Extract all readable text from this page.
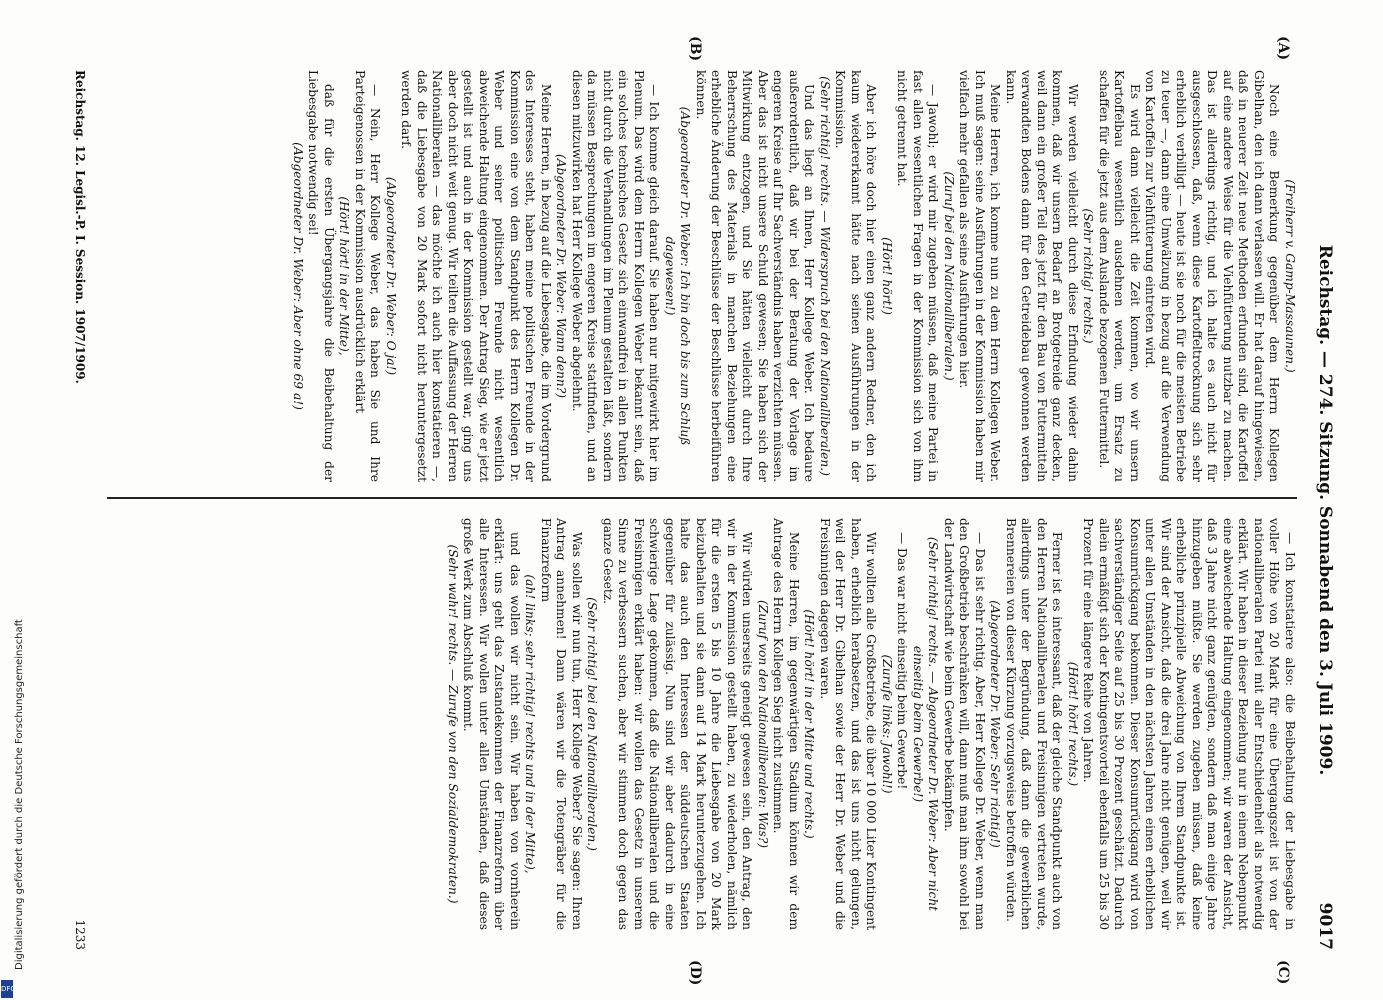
Reichstag. — 274. Sitzung. Sonnabend den 3. Juli 1909.
9017
(A)
(B)
(C)
(D)

(Freiherr v. Gamp-Massaunen.)

Noch eine Bemerkung gegenüber dem Herrn Kollegen Gibelhan, den ich dann verlassen will. Er hat darauf hingewiesen, daß in neuerer Zeit neue Methoden erfunden sind, die Kartoffel auf eine andere Weise für die Viehfütterung nutzbar zu machen. Das ist allerdings richtig, und ich halte es auch nicht für ausgeschlossen, daß, wenn diese Kartoffeltrocknung sich sehr erheblich verbilligt — heute ist sie noch für die meisten Betriebe zu teuer —, dann eine Umwälzung in bezug auf die Verwendung von Kartoffeln zur Viehfütterung eintreten wird.

Es wird dann vielleicht die Zeit kommen, wo wir unsern Kartoffelbau wesentlich ausdehnen werden, um Ersatz zu schaffen für die jetzt aus dem Auslande bezogenen Futtermittel.

(Sehr richtig! rechts.)

Wir werden vielleicht durch diese Erfindung wieder dahin kommen, daß wir unsern Bedarf an Brotgetreide ganz decken, weil dann ein großer Teil des jetzt für den Bau von Futtermitteln verwandten Bodens dann für den Getreidebau gewonnen werden kann.

Meine Herren, ich komme nun zu dem Herrn Kollegen Weber. Ich muß sagen: seine Ausführungen in der Kommission haben mir vielfach mehr gefallen als seine Ausführungen hier.

(Zuruf bei den Nationalliberalen.)

— Jawohl; er wird mir zugeben müssen, daß meine Partei in fast allen wesentlichen Fragen in der Kommission sich von ihm nicht getrennt hat.

(Hört! hört!)

Aber ich höre doch hier einen ganz andern Redner, den ich kaum wiedererkannt hätte nach seinen Ausführungen in der Kommission.

(Sehr richtig! rechts. — Widerspruch bei den Nationalliberalen.)

Und das liegt an Ihnen, Herr Kollege Weber. Ich bedaure außerordentlich, daß wir bei der Beratung der Vorlage im engeren Kreise auf Ihr Sachverständnis haben verzichten müssen. Aber das ist nicht unsere Schuld gewesen; Sie haben sich der Mitwirkung entzogen, und Sie hätten vielleicht durch Ihre Beherrschung des Materials in manchen Beziehungen eine erhebliche Änderung der Beschlüsse der Beschlüsse herbeiführen können.

(Abgeordneter Dr. Weber: Ich bin doch bis zum Schluß dagewesen!)

— Ich komme gleich darauf. Sie haben nur mitgewirkt hier im Plenum. Das wird dem Herrn Kollegen Weber bekannt sein, daß ein solches technisches Gesetz sich einwandfrei in allen Punkten nicht durch die Verhandlungen im Plenum gestalten läßt, sondern da müssen Besprechungen im engeren Kreise stattfinden, und an diesen mitzuwirken hat Herr Kollege Weber abgelehnt.

(Abgeordneter Dr. Weber: Wann denn?)

Meine Herren, in bezug auf die Liebesgabe, die im Vordergrund des Interesses steht, haben meine politischen Freunde in der Kommission eine von dem Standpunkt des Herrn Kollegen Dr. Weber und seiner politischen Freunde nicht wesentlich abweichende Haltung eingenommen. Der Antrag Sieg, wie er jetzt gestellt ist und auch in der Kommission gestellt war, ging uns aber doch nicht weit genug. Wir teilten die Auffassung der Herren Nationalliberalen — das möchte ich auch hier konstatieren —, daß die Liebesgabe von 20 Mark sofort nicht heruntergesetzt werden darf.

(Abgeordneter Dr. Weber: O ja!)

— Nein, Herr Kollege Weber, das haben Sie und Ihre Parteigenossen in der Kommission ausdrücklich erklärt

(Hört! hört! in der Mitte),

daß für die ersten Übergangsjahre die Beibehaltung der Liebesgabe notwendig sei!

(Abgeordneter Dr. Weber: Aber ohne 69 a!)

— Ich konstatiere also: die Beibehaltung der Liebesgabe in voller Höhe von 20 Mark für eine Übergangszeit ist von der nationalliberalen Partei mit aller Entschiedenheit als notwendig erklärt. Wir haben in dieser Beziehung nur in einem Nebenpunkt eine abweichende Haltung eingenommen; wir waren der Ansicht, daß 3 Jahre nicht ganz genügten, sondern daß man einige Jahre hinzugeben müßte. Sie werden zugeben müssen, daß keine erhebliche prinzipielle Abweichung von Ihrem Standpunkte ist. Wir sind der Ansicht, daß die drei Jahre nicht genügen, weil wir unter allen Umständen in den nächsten Jahren einen erheblichen Konsumrückgang bekommen. Dieser Konsumrückgang wird von sachverständiger Seite auf 25 bis 30 Prozent geschätzt. Dadurch allein ermäßigt sich der Kontingentsvorteil ebenfalls um 25 bis 30 Prozent für eine längere Reihe von Jahren.

(Hört! hört! rechts.)

Ferner ist es interessant, daß der gleiche Standpunkt auch von den Herren Nationalliberalen und Freisinnigen vertreten wurde, allerdings unter der Begründung, daß dann die gewerblichen Brennereien von dieser Kürzung vorzugsweise betroffen würden.

(Abgeordneter Dr. Weber: Sehr richtig!)

— Das ist sehr richtig. Aber, Herr Kollege Dr. Weber, wenn man den Großbetrieb beschränken will, dann muß man ihm sowohl bei der Landwirtschaft wie beim Gewerbe bekämpfen.

(Sehr richtig! rechts. — Abgeordneter Dr. Weber: Aber nicht einseitig beim Gewerbe!)

— Das war nicht einseitig beim Gewerbe!

(Zurufe links: Jawohl!)

Wir wollten alle Großbetriebe, die über 10 000 Liter Kontingent haben, erheblich herabsetzen, und das ist uns nicht gelungen, weil der Herr Dr. Gibelhan sowie der Herr Dr. Weber und die Freisinnigen dagegen waren.

(Hört! hört! in der Mitte und rechts.)

Meine Herren, im gegenwärtigen Stadium können wir dem Antrage des Herrn Kollegen Sieg nicht zustimmen.

(Zuruf von den Nationalliberalen: Was?)

Wir würden unserseits geneigt gewesen sein, den Antrag, den wir in der Kommission gestellt haben, zu wiederholen, nämlich für die ersten 5 bis 10 Jahre die Liebesgabe von 20 Mark beizubehalten und sie dann auf 14 Mark herunterzugehen. Ich halte das auch den Interessen der süddeutschen Staaten gegenüber für zulässig. Nun sind wir aber dadurch in eine schwierige Lage gekommen, daß die Nationalliberalen und die Freisinnigen erklärt haben: wir wollen das Gesetz in unserem Sinne zu verbessern suchen, aber wir stimmen doch gegen das ganze Gesetz.

(Sehr richtig! bei den Nationalliberalen.)

Was sollen wir nun tun, Herr Kollege Weber? Sie sagen: Ihren Antrag annehmen! Dann wären wir die Totengräber für die Finanzreform

(ah! links; sehr richtig! rechts und in der Mitte),

und das wollen wir nicht sein. Wir haben von vornherein erklärt: uns geht das Zustandekommen der Finanzreform über alle Interessen. Wir wollen unter allen Umständen, daß dieses große Werk zum Abschluß kommt.

(Sehr wahr! rechts. — Zurufe von den Sozialdemokraten.)

Reichstag. 12. Legisl.-P. I. Session. 1907/1909.
1233
Digitalisierung gefördert durch die Deutsche Forschungsgemeinschaft
DFG
